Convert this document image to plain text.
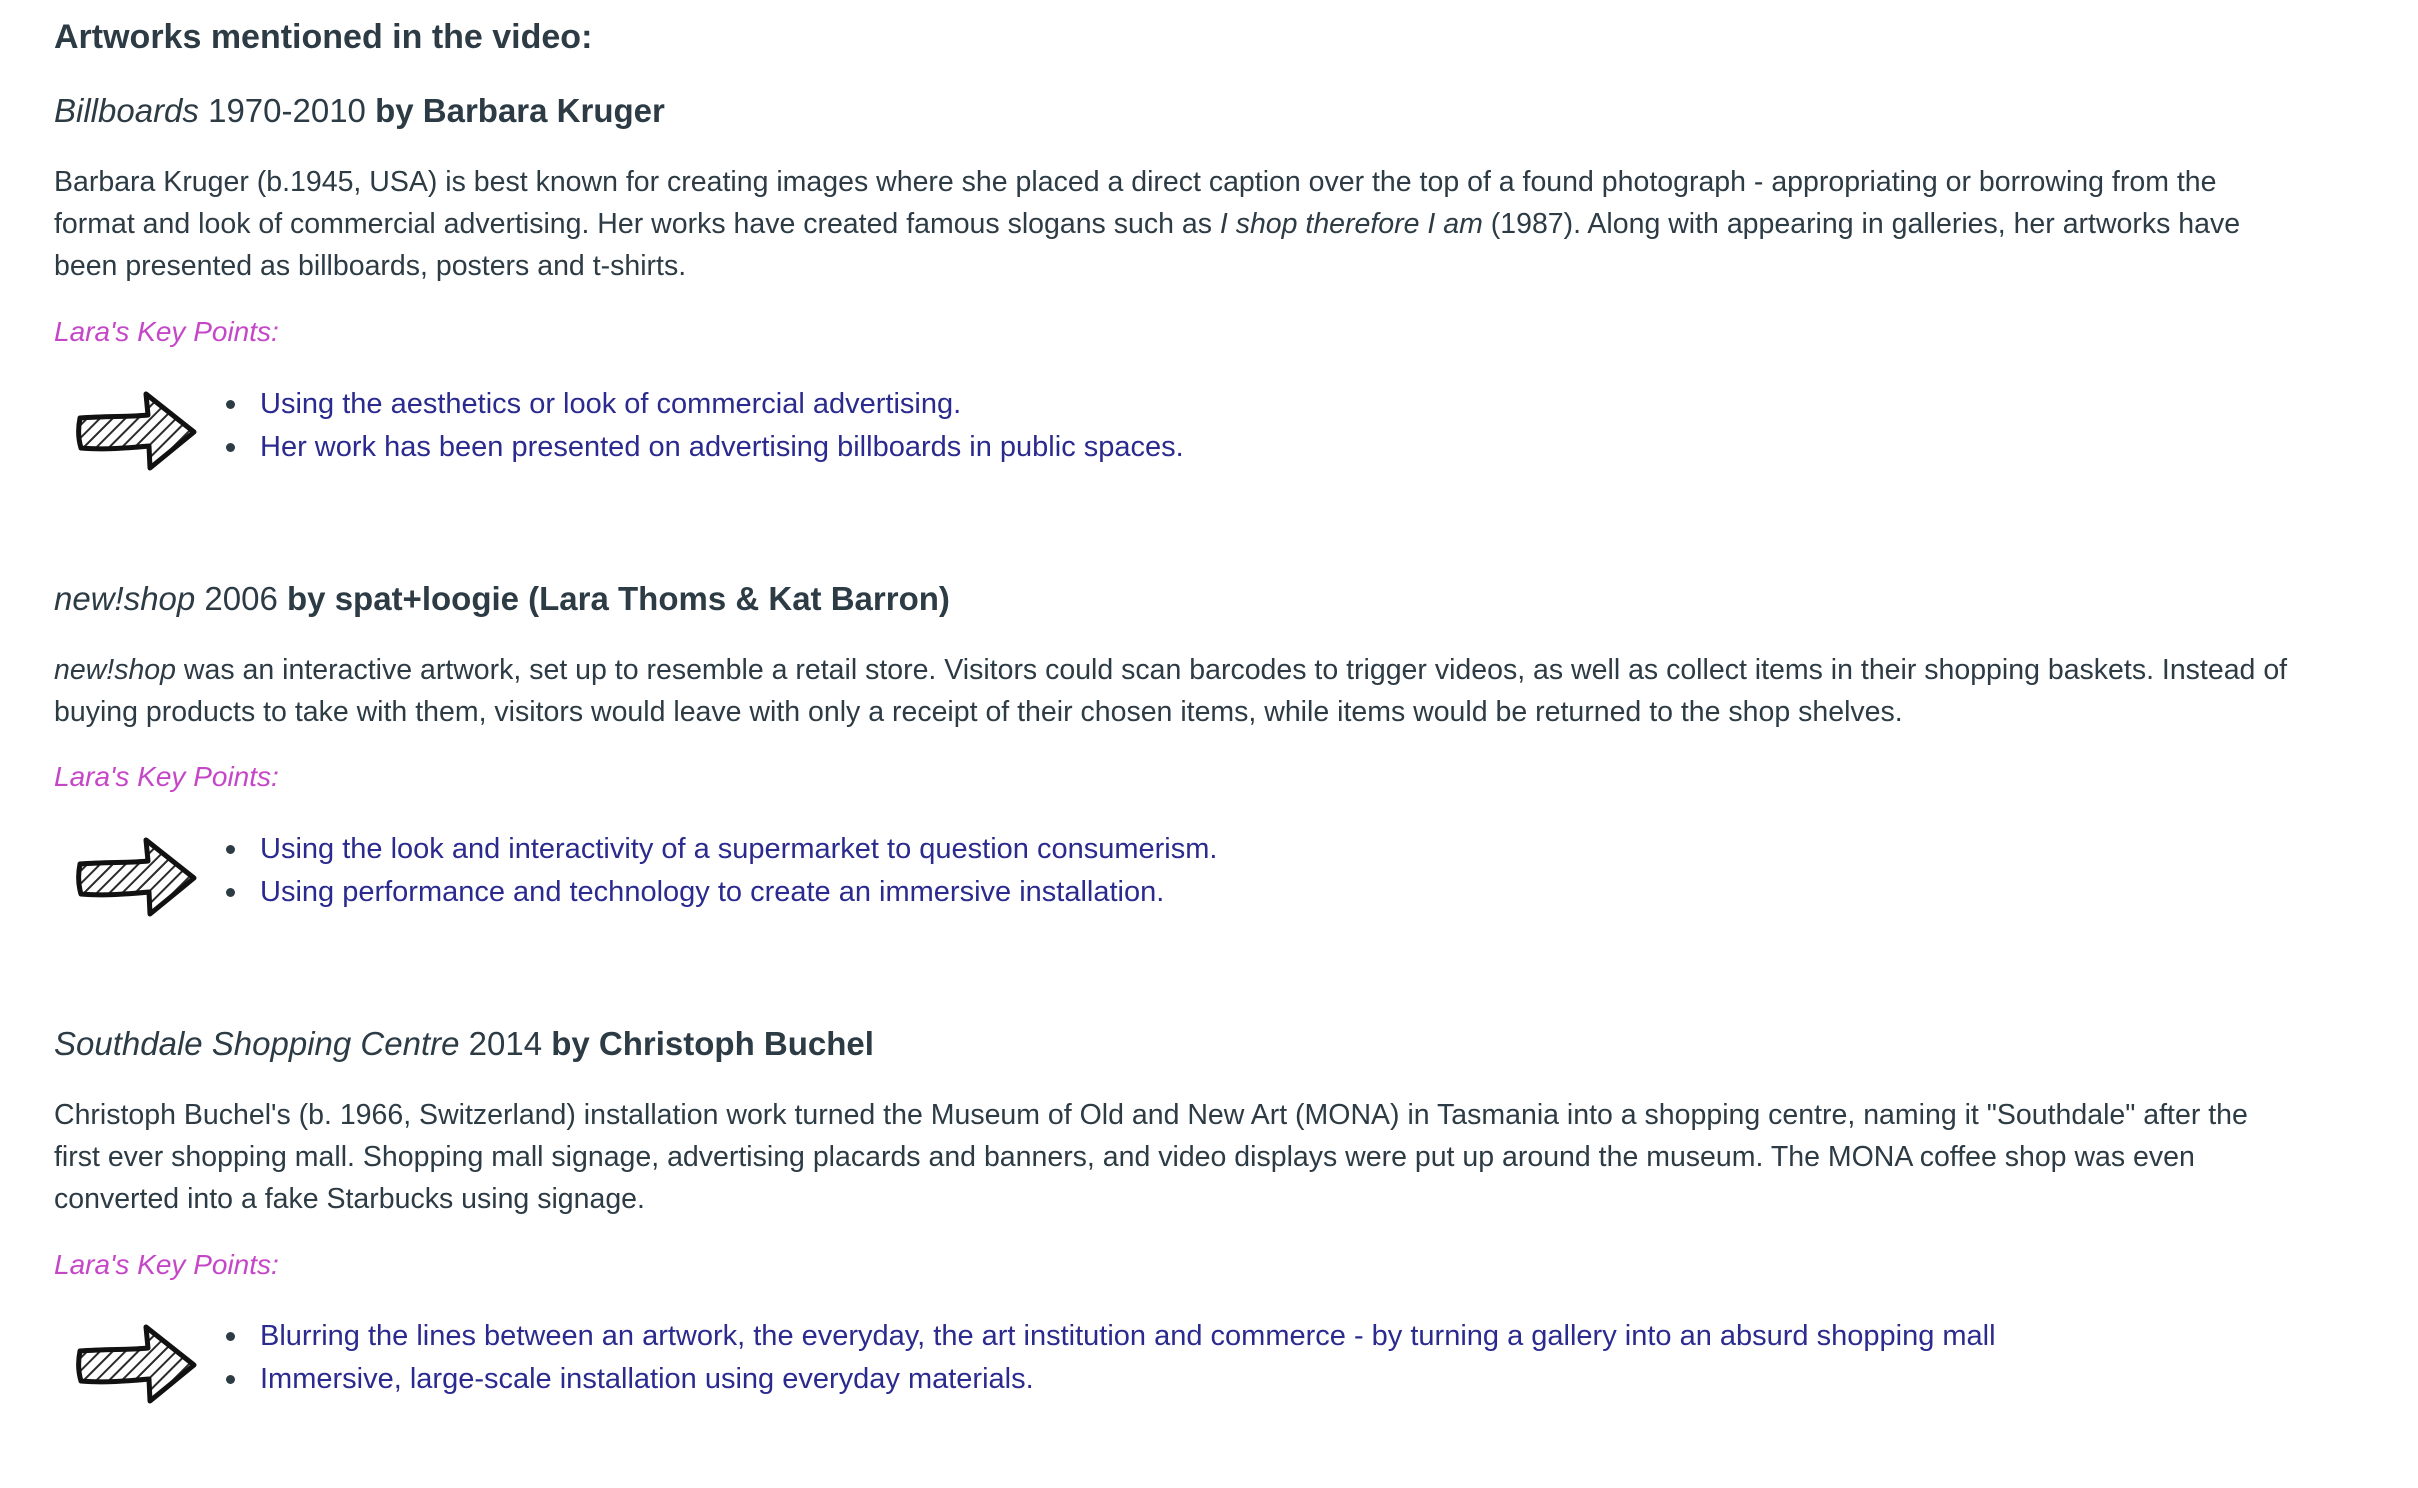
Artworks mentioned in the video:
Billboards 1970-2010 by Barbara Kruger

Barbara Kruger (b.1945, USA) is best known for creating images where she placed a direct caption over the top of a found photograph - appropriating or borrowing from the format and look of commercial advertising. Her works have created famous slogans such as I shop therefore I am (1987). Along with appearing in galleries, her artworks have been presented as billboards, posters and t-shirts.

Lara's Key Points:
Using the aesthetics or look of commercial advertising.
Her work has been presented on advertising billboards in public spaces.
new!shop 2006 by spat+loogie (Lara Thoms & Kat Barron)

new!shop was an interactive artwork, set up to resemble a retail store. Visitors could scan barcodes to trigger videos, as well as collect items in their shopping baskets. Instead of buying products to take with them, visitors would leave with only a receipt of their chosen items, while items would be returned to the shop shelves.

Lara's Key Points:
Using the look and interactivity of a supermarket to question consumerism.
Using performance and technology to create an immersive installation.
Southdale Shopping Centre 2014 by Christoph Buchel

Christoph Buchel's (b. 1966, Switzerland) installation work turned the Museum of Old and New Art (MONA) in Tasmania into a shopping centre, naming it "Southdale" after the first ever shopping mall. Shopping mall signage, advertising placards and banners, and video displays were put up around the museum. The MONA coffee shop was even converted into a fake Starbucks using signage.

Lara's Key Points:
Blurring the lines between an artwork, the everyday, the art institution and commerce - by turning a gallery into an absurd shopping mall
Immersive, large-scale installation using everyday materials.
